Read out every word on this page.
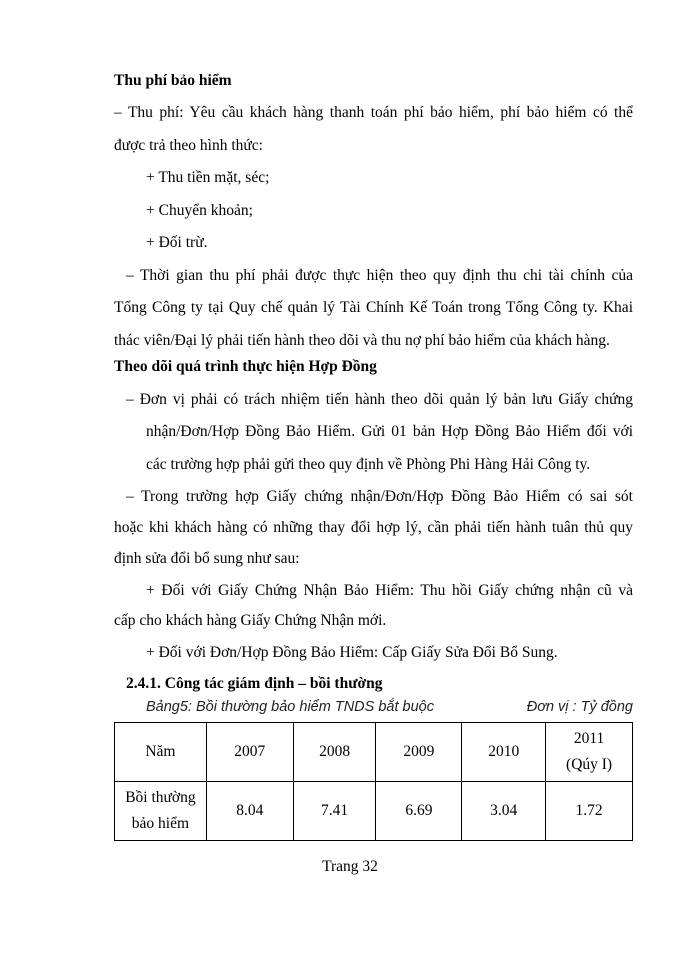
Thu phí bảo hiểm
– Thu phí: Yêu cầu khách hàng thanh toán phí bảo hiểm, phí bảo hiểm có thể
được trả theo hình thức:
+ Thu tiền mặt, séc;
+ Chuyển khoản;
+ Đối trừ.
– Thời gian thu phí phải được thực hiện theo quy định thu chi tài chính của
Tổng Công ty tại Quy chế quản lý Tài Chính Kế Toán trong Tổng Công ty. Khai
thác viên/Đại lý phải tiến hành theo dõi và thu nợ phí bảo hiểm của khách hàng.
Theo dõi quá trình thực hiện Hợp Đồng
– Đơn vị phải có trách nhiệm tiến hành theo dõi quản lý bản lưu Giấy chứng
nhận/Đơn/Hợp Đồng Bảo Hiểm. Gửi 01 bản Hợp Đồng Bảo Hiểm đối với
các trường hợp phải gửi theo quy định về Phòng Phi Hàng Hải Công ty.
– Trong trường hợp Giấy chứng nhận/Đơn/Hợp Đồng Bảo Hiểm có sai sót
hoặc khi khách hàng có những thay đổi hợp lý, cần phải tiến hành tuân thủ quy
định sửa đổi bổ sung như sau:
+ Đối với Giấy Chứng Nhận Bảo Hiểm: Thu hồi Giấy chứng nhận cũ và
cấp cho khách hàng Giấy Chứng Nhận mới.
+ Đối với Đơn/Hợp Đồng Bảo Hiểm: Cấp Giấy Sửa Đổi Bổ Sung.
2.4.1. Công tác giám định – bồi thường
Bảng5: Bồi thường bảo hiểm TNDS bắt buộc	Đơn vị : Tỷ đồng
Năm	2007	2008	2009	2010	2011
(Qúy I)

Bồi thường
bảo hiểm	8.04	7.41	6.69	3.04	1.72
Trang 32
